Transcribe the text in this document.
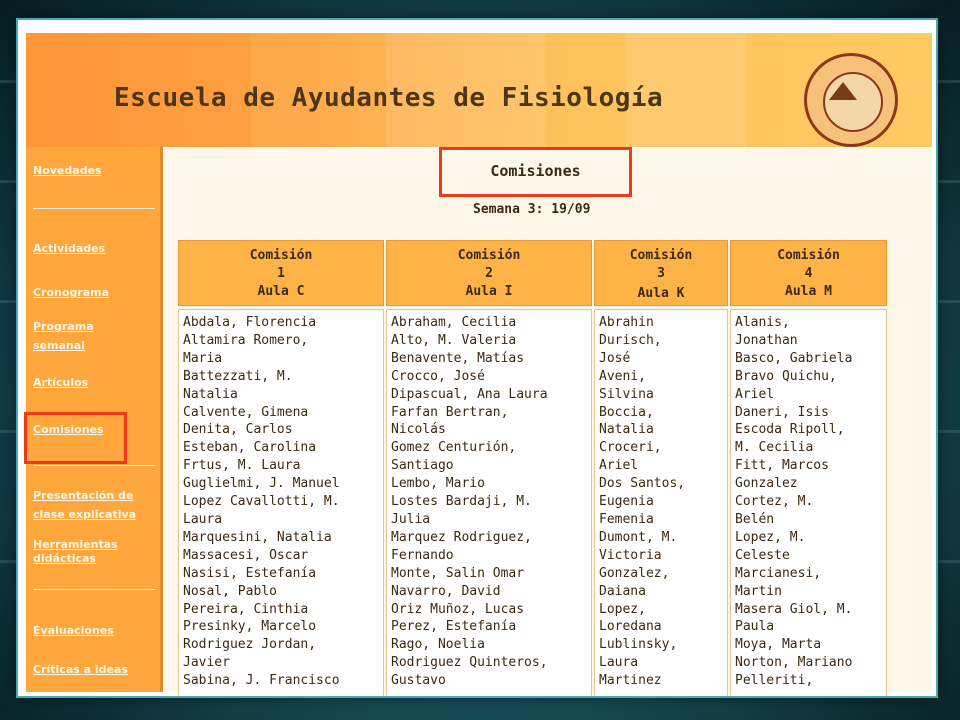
Escuela de Ayudantes de Fisiología
Novedades
Actividades
Cronograma
Programa
semanal
Artículos
Comisiones
Presentación de
clase explicativa
Herramientas
didácticas
Evaluaciones
Críticas a ideas
Comisiones
Semana 3: 19/09
Comisión
1
Aula C
Comisión
2
Aula I
Comisión
3
Aula K
Comisión
4
Aula M
Abdala, Florencia
Altamira Romero,
Maria
Battezzati, M.
Natalia
Calvente, Gimena
Denita, Carlos
Esteban, Carolina
Frtus, M. Laura
Guglielmi, J. Manuel
Lopez Cavallotti, M.
Laura
Marquesini, Natalia
Massacesi, Oscar
Nasisi, Estefanía
Nosal, Pablo
Pereira, Cinthia
Presinky, Marcelo
Rodriguez Jordan,
Javier
Sabina, J. Francisco
Abraham, Cecilia
Alto, M. Valeria
Benavente, Matías
Crocco, José
Dipascual, Ana Laura
Farfan Bertran,
Nicolás
Gomez Centurión,
Santiago
Lembo, Mario
Lostes Bardaji, M.
Julia
Marquez Rodriguez,
Fernando
Monte, Salin Omar
Navarro, David
Oriz Muñoz, Lucas
Perez, Estefanía
Rago, Noelia
Rodriguez Quinteros,
Gustavo
Abrahin
Durisch,
José
Aveni,
Silvina
Boccia,
Natalia
Croceri,
Ariel
Dos Santos,
Eugenia
Femenia
Dumont, M.
Victoria
Gonzalez,
Daiana
Lopez,
Loredana
Lublinsky,
Laura
Martinez
Alanis,
Jonathan
Basco, Gabriela
Bravo Quichu,
Ariel
Daneri, Isis
Escoda Ripoll,
M. Cecilia
Fitt, Marcos
Gonzalez
Cortez, M.
Belén
Lopez, M.
Celeste
Marcianesi,
Martin
Masera Giol, M.
Paula
Moya, Marta
Norton, Mariano
Pelleriti,
